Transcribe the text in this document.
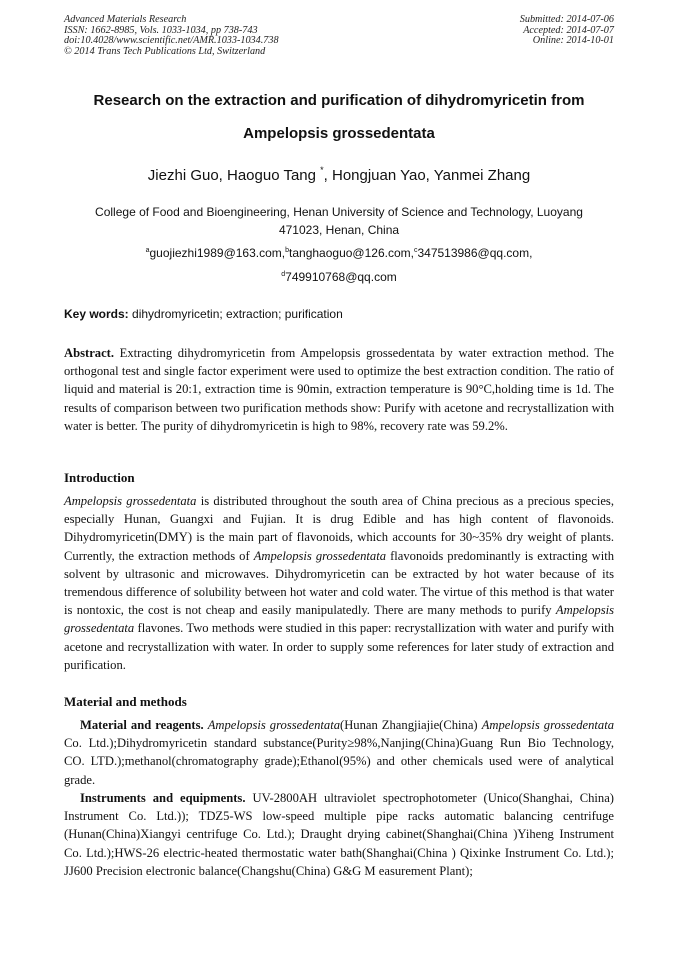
Advanced Materials Research
ISSN: 1662-8985, Vols. 1033-1034, pp 738-743
doi:10.4028/www.scientific.net/AMR.1033-1034.738
© 2014 Trans Tech Publications Ltd, Switzerland
Submitted: 2014-07-06
Accepted: 2014-07-07
Online: 2014-10-01
Research on the extraction and purification of dihydromyricetin from
Ampelopsis grossedentata
Jiezhi Guo, Haoguo Tang *, Hongjuan Yao, Yanmei Zhang
College of Food and Bioengineering, Henan University of Science and Technology, Luoyang
471023, Henan, China
$^a$guojiezhi1989@163.com,$^b$tanghaoguo@126.com,$^c$347513986@qq.com,
$^d$749910768@qq.com
Key words: dihydromyricetin; extraction; purification

Abstract. Extracting dihydromyricetin from Ampelopsis grossedentata by water extraction method. The orthogonal test and single factor experiment were used to optimize the best extraction condition. The ratio of liquid and material is 20:1, extraction time is 90min, extraction temperature is 90°C,holding time is 1d. The results of comparison between two purification methods show: Purify with acetone and recrystallization with water is better. The purity of dihydromyricetin is high to 98%, recovery rate was 59.2%.

Introduction

Ampelopsis grossedentata is distributed throughout the south area of China precious as a precious species, especially Hunan, Guangxi and Fujian. It is drug Edible and has high content of flavonoids. Dihydromyricetin(DMY) is the main part of flavonoids, which accounts for 30~35% dry weight of plants. Currently, the extraction methods of Ampelopsis grossedentata flavonoids predominantly is extracting with solvent by ultrasonic and microwaves. Dihydromyricetin can be extracted by hot water because of its tremendous difference of solubility between hot water and cold water. The virtue of this method is that water is nontoxic, the cost is not cheap and easily manipulatedly. There are many methods to purify Ampelopsis grossedentata flavones. Two methods were studied in this paper: recrystallization with water and purify with acetone and recrystallization with water. In order to supply some references for later study of extraction and purification.

Material and methods

Material and reagents. Ampelopsis grossedentata(Hunan Zhangjiajie(China) Ampelopsis grossedentata Co. Ltd.);Dihydromyricetin standard substance(Purity≥98%,Nanjing(China)Guang Run Bio Technology, CO. LTD.);methanol(chromatography grade);Ethanol(95%) and other chemicals used were of analytical grade.

Instruments and equipments. UV-2800AH ultraviolet spectrophotometer (Unico(Shanghai, China) Instrument Co. Ltd.)); TDZ5-WS low-speed multiple pipe racks automatic balancing centrifuge (Hunan(China)Xiangyi centrifuge Co. Ltd.); Draught drying cabinet(Shanghai(China )Yiheng Instrument Co. Ltd.);HWS-26 electric-heated thermostatic water bath(Shanghai(China ) Qixinke Instrument Co. Ltd.); JJ600 Precision electronic balance(Changshu(China) G&G M easurement Plant);
